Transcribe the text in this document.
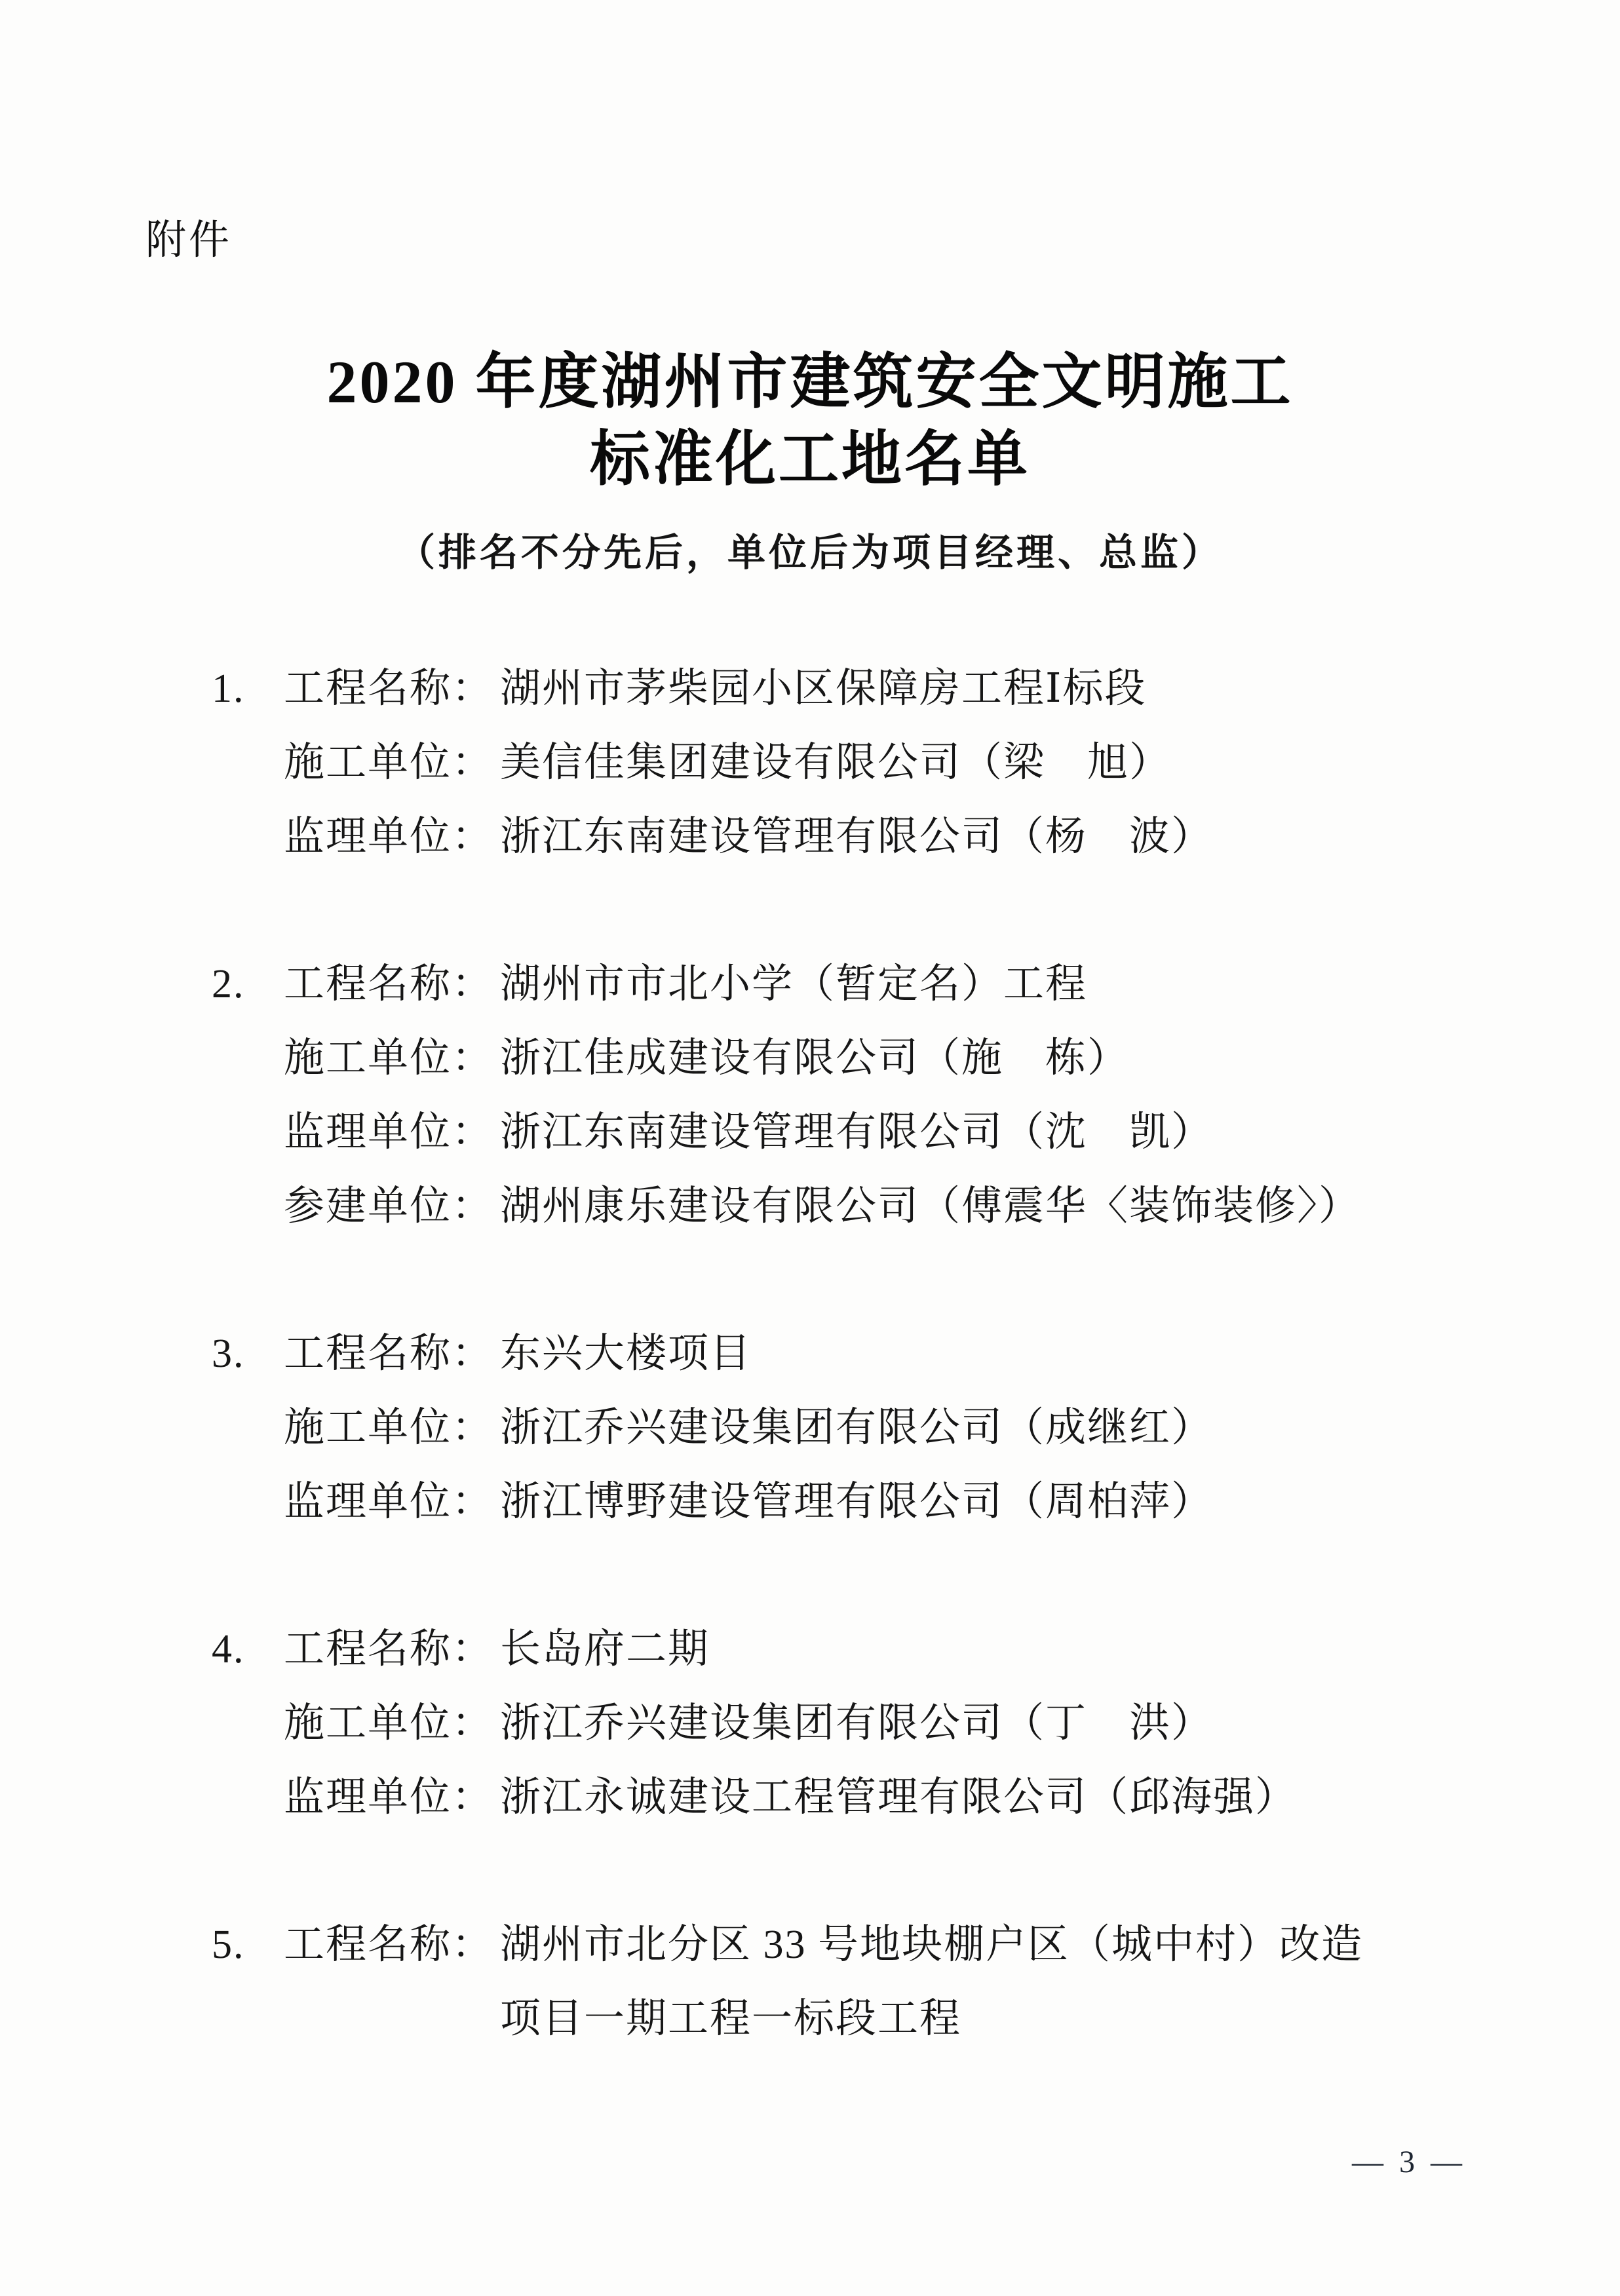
附件
2020 年度湖州市建筑安全文明施工
标准化工地名单
（排名不分先后，单位后为项目经理、总监）
1. 工程名称： 湖州市茅柴园小区保障房工程Ⅰ标段
施工单位： 美信佳集团建设有限公司（梁　旭）
监理单位： 浙江东南建设管理有限公司（杨　波）
2. 工程名称： 湖州市市北小学（暂定名）工程
施工单位： 浙江佳成建设有限公司（施　栋）
监理单位： 浙江东南建设管理有限公司（沈　凯）
参建单位： 湖州康乐建设有限公司（傅震华〈装饰装修〉）
3. 工程名称： 东兴大楼项目
施工单位： 浙江乔兴建设集团有限公司（成继红）
监理单位： 浙江博野建设管理有限公司（周柏萍）
4. 工程名称： 长岛府二期
施工单位： 浙江乔兴建设集团有限公司（丁　洪）
监理单位： 浙江永诚建设工程管理有限公司（邱海强）
5. 工程名称： 湖州市北分区 33 号地块棚户区（城中村）改造
项目一期工程一标段工程
— 3 —
